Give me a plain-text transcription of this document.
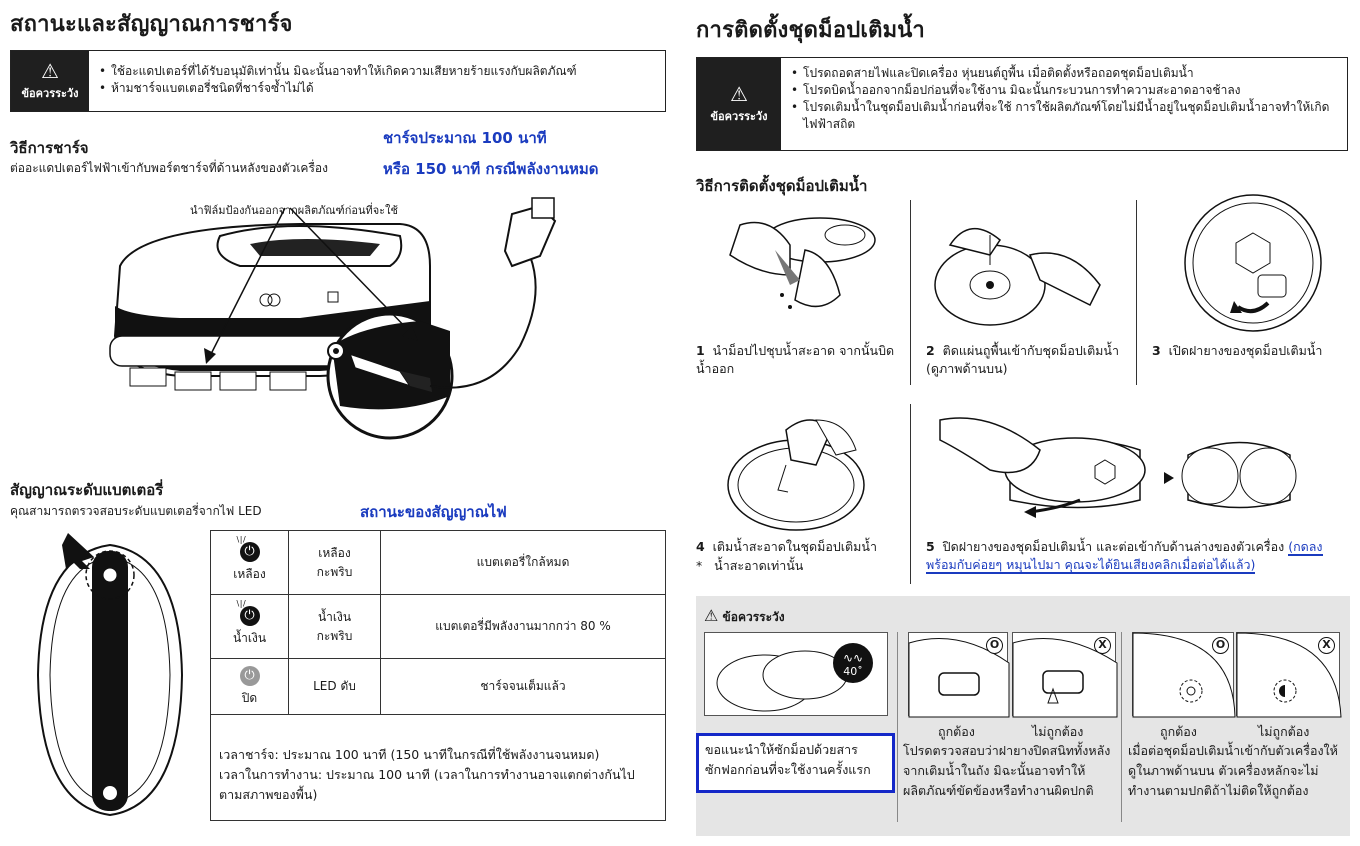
สถานะและสัญญาณการชาร์จ
⚠
ข้อควรระวัง
• ใช้อะแดปเตอร์ที่ได้รับอนุมัติเท่านั้น มิฉะนั้นอาจทำให้เกิดความเสียหายร้ายแรงกับผลิตภัณฑ์
• ห้ามชาร์จแบตเตอรี่ชนิดที่ชาร์จซ้ำไม่ได้
วิธีการชาร์จ
ต่ออะแดปเตอร์ไฟฟ้าเข้ากับพอร์ตชาร์จที่ด้านหลังของตัวเครื่อง
ชาร์จประมาณ 100 นาที
หรือ 150 นาที กรณีพลังงานหมด
นำฟิล์มป้องกันออกจากผลิตภัณฑ์ก่อนที่จะใช้
สัญญาณระดับแบตเตอรี่
คุณสามารถตรวจสอบระดับแบตเตอรี่จากไฟ LED	สถานะของสัญญาณไฟ
\ | / ⏻
เหลือง	เหลือง กะพริบ	แบตเตอรี่ใกล้หมด
\ | / ⏻
น้ำเงิน	น้ำเงิน กะพริบ	แบตเตอรี่มีพลังงานมากกว่า 80 %
⏻
ปิด	LED ดับ	ชาร์จจนเต็มแล้ว

เวลาชาร์จ: ประมาณ 100 นาที (150 นาทีในกรณีที่ใช้พลังงานจนหมด)
เวลาในการทำงาน: ประมาณ 100 นาที (เวลาในการทำงานอาจแตกต่างกันไปตามสภาพของพื้น)		
การติดตั้งชุดม็อปเติมน้ำ
⚠
ข้อควรระวัง
• โปรดถอดสายไฟและปิดเครื่อง หุ่นยนต์ถูพื้น เมื่อติดตั้งหรือถอดชุดม็อปเติมน้ำ
• โปรดบิดน้ำออกจากม็อปก่อนที่จะใช้งาน มิฉะนั้นกระบวนการทำความสะอาดอาจช้าลง
• โปรดเติมน้ำในชุดม็อปเติมน้ำก่อนที่จะใช้ การใช้ผลิตภัณฑ์โดยไม่มีน้ำอยู่ในชุดม็อปเติมน้ำอาจทำให้เกิดไฟฟ้าสถิต
วิธีการติดตั้งชุดม็อปเติมน้ำ
1 นำม็อปไปชุบน้ำสะอาด จากนั้นบิดน้ำออก
2 ติดแผ่นถูพื้นเข้ากับชุดม็อปเติมน้ำ (ดูภาพด้านบน)
3 เปิดฝายางของชุดม็อปเติมน้ำ
4 เติมน้ำสะอาดในชุดม็อปเติมน้ำ
* น้ำสะอาดเท่านั้น
5 ปิดฝายางของชุดม็อปเติมน้ำ และต่อเข้ากับด้านล่างของตัวเครื่อง (กดลงพร้อมกับค่อยๆ หมุนไปมา คุณจะได้ยินเสียงคลิกเมื่อต่อได้แล้ว)
⚠ ข้อควรระวัง
∿∿
40˚
ขอแนะนำให้ซักม็อปด้วยสารซักฟอกก่อนที่จะใช้งานครั้งแรก
O	X
ถูกต้อง	ไม่ถูกต้อง
โปรดตรวจสอบว่าฝายางปิดสนิททั้งหลังจากเติมน้ำในถัง มิฉะนั้นอาจทำให้ผลิตภัณฑ์ขัดข้องหรือทำงานผิดปกติ
O	X
ถูกต้อง	ไม่ถูกต้อง
เมื่อต่อชุดม็อปเติมน้ำเข้ากับตัวเครื่องให้ดูในภาพด้านบน ตัวเครื่องหลักจะไม่ทำงานตามปกติถ้าไม่ติดให้ถูกต้อง
